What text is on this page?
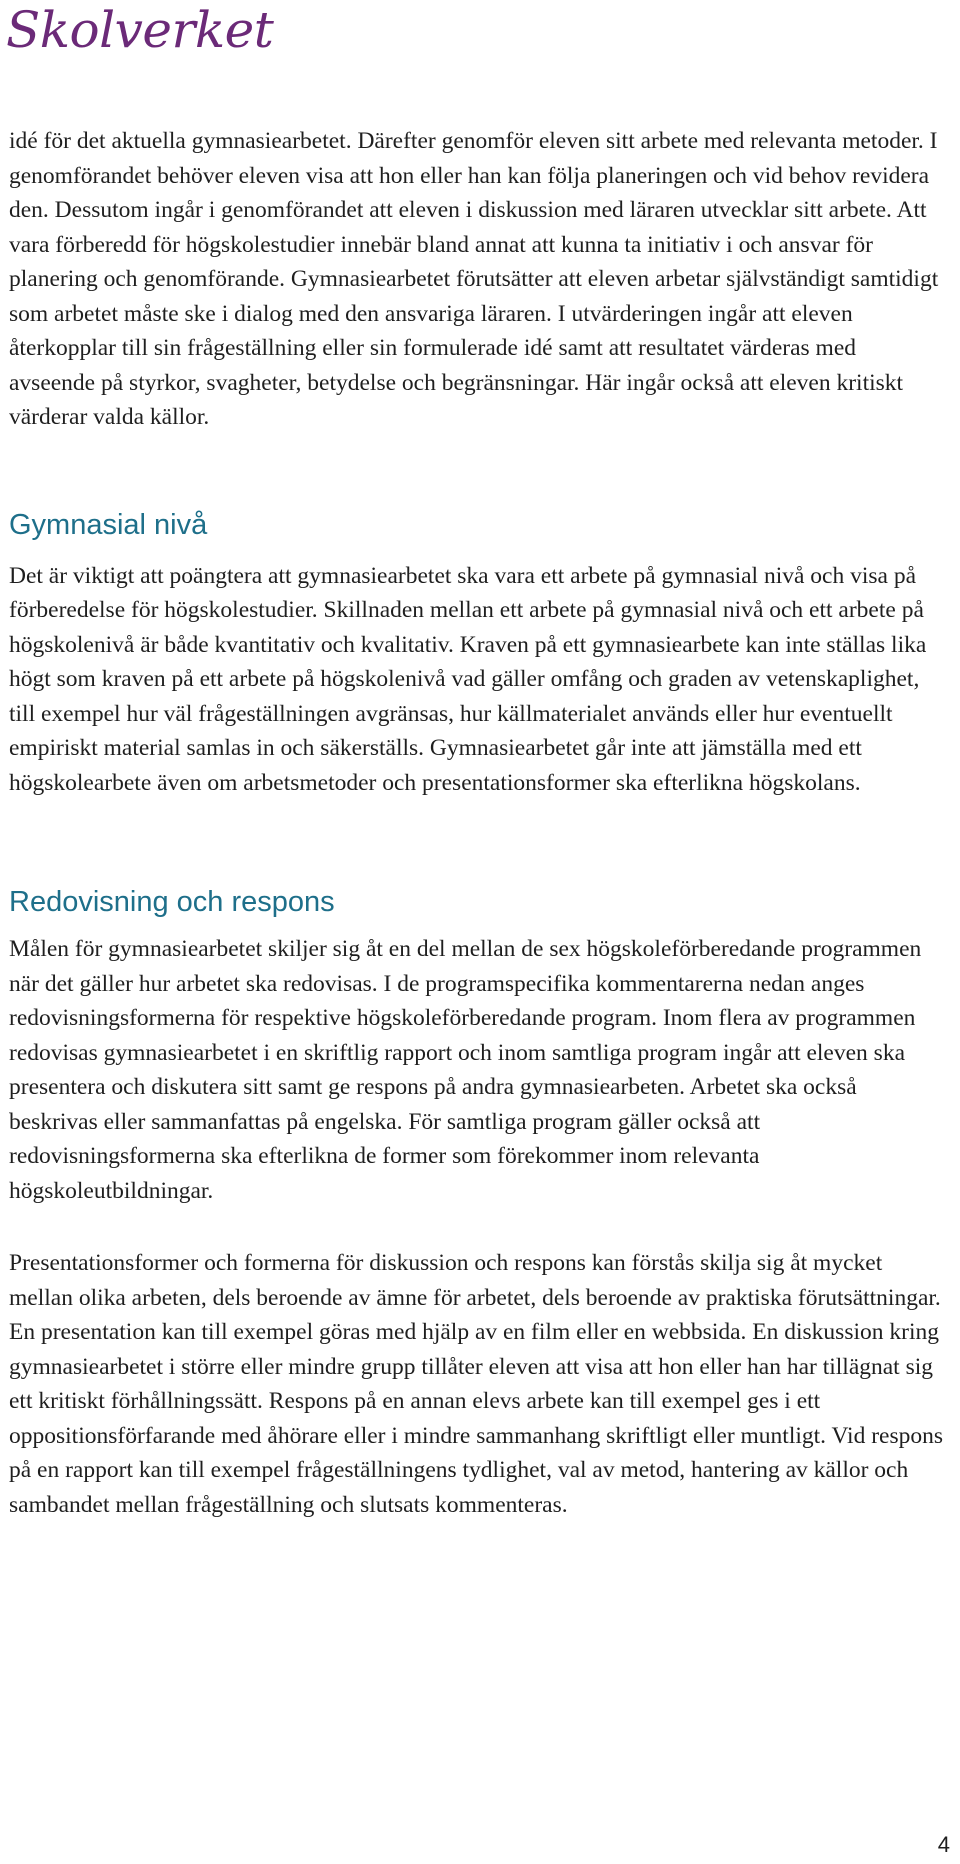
Skolverket

idé för det aktuella gymnasiearbetet. Därefter genomför eleven sitt arbete med relevanta metoder. I genomförandet behöver eleven visa att hon eller han kan följa planeringen och vid behov revidera den. Dessutom ingår i genomförandet att eleven i diskussion med läraren utvecklar sitt arbete. Att vara förberedd för högskolestudier innebär bland annat att kunna ta initiativ i och ansvar för planering och genomförande. Gymnasiearbetet förutsätter att eleven arbetar självständigt samtidigt som arbetet måste ske i dialog med den ansvariga läraren. I utvärderingen ingår att eleven återkopplar till sin frågeställning eller sin formulerade idé samt att resultatet värderas med avseende på styrkor, svagheter, betydelse och begränsningar. Här ingår också att eleven kritiskt värderar valda källor.

Gymnasial nivå

Det är viktigt att poängtera att gymnasiearbetet ska vara ett arbete på gymnasial nivå och visa på förberedelse för högskolestudier. Skillnaden mellan ett arbete på gymnasial nivå och ett arbete på högskolenivå är både kvantitativ och kvalitativ. Kraven på ett gymnasiearbete kan inte ställas lika högt som kraven på ett arbete på högskolenivå vad gäller omfång och graden av vetenskaplighet, till exempel hur väl frågeställningen avgränsas, hur källmaterialet används eller hur eventuellt empiriskt material samlas in och säkerställs. Gymnasiearbetet går inte att jämställa med ett högskolearbete även om arbetsmetoder och presentationsformer ska efterlikna högskolans.

Redovisning och respons

Målen för gymnasiearbetet skiljer sig åt en del mellan de sex högskoleförberedande programmen när det gäller hur arbetet ska redovisas. I de programspecifika kommentarerna nedan anges redovisningsformerna för respektive högskoleförberedande program. Inom flera av programmen redovisas gymnasiearbetet i en skriftlig rapport och inom samtliga program ingår att eleven ska presentera och diskutera sitt samt ge respons på andra gymnasiearbeten. Arbetet ska också beskrivas eller sammanfattas på engelska. För samtliga program gäller också att redovisningsformerna ska efterlikna de former som förekommer inom relevanta högskoleutbildningar.

Presentationsformer och formerna för diskussion och respons kan förstås skilja sig åt mycket mellan olika arbeten, dels beroende av ämne för arbetet, dels beroende av praktiska förutsättningar. En presentation kan till exempel göras med hjälp av en film eller en webbsida. En diskussion kring gymnasiearbetet i större eller mindre grupp tillåter eleven att visa att hon eller han har tillägnat sig ett kritiskt förhållningssätt. Respons på en annan elevs arbete kan till exempel ges i ett oppositionsförfarande med åhörare eller i mindre sammanhang skriftligt eller muntligt. Vid respons på en rapport kan till exempel frågeställningens tydlighet, val av metod, hantering av källor och sambandet mellan frågeställning och slutsats kommenteras.

4
